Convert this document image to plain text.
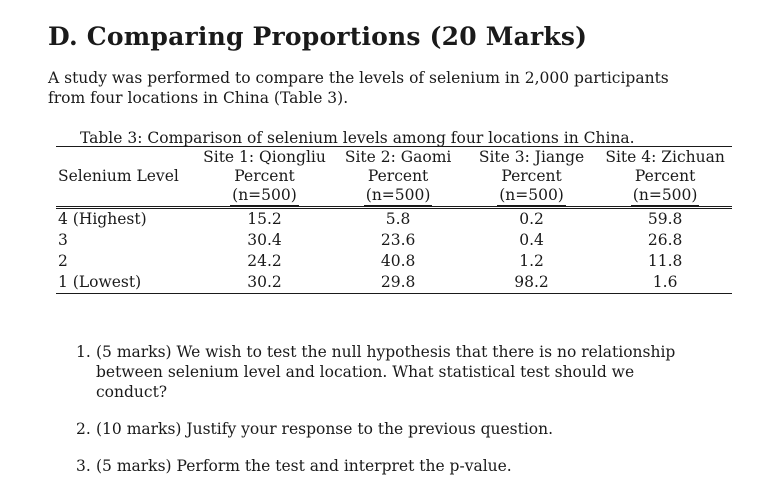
D. Comparing Proportions (20 Marks)
A study was performed to compare the levels of selenium in 2,000 participants
from four locations in China (Table 3).
Table 3: Comparison of selenium levels among four locations in China.

Selenium Level	Site 1: Qiongliu	Site 2: Gaomi	Site 3: Jiange	Site 4: Zichuan
	Percent	Percent	Percent	Percent
	(n=500)	(n=500)	(n=500)	(n=500)
4 (Highest)	15.2	5.8	0.2	59.8
3	30.4	23.6	0.4	26.8
2	24.2	40.8	1.2	11.8
1 (Lowest)	30.2	29.8	98.2	1.6
1. (5 marks) We wish to test the null hypothesis that there is no relationship between selenium level and location. What statistical test should we conduct?
2. (10 marks) Justify your response to the previous question.
3. (5 marks) Perform the test and interpret the p-value.
